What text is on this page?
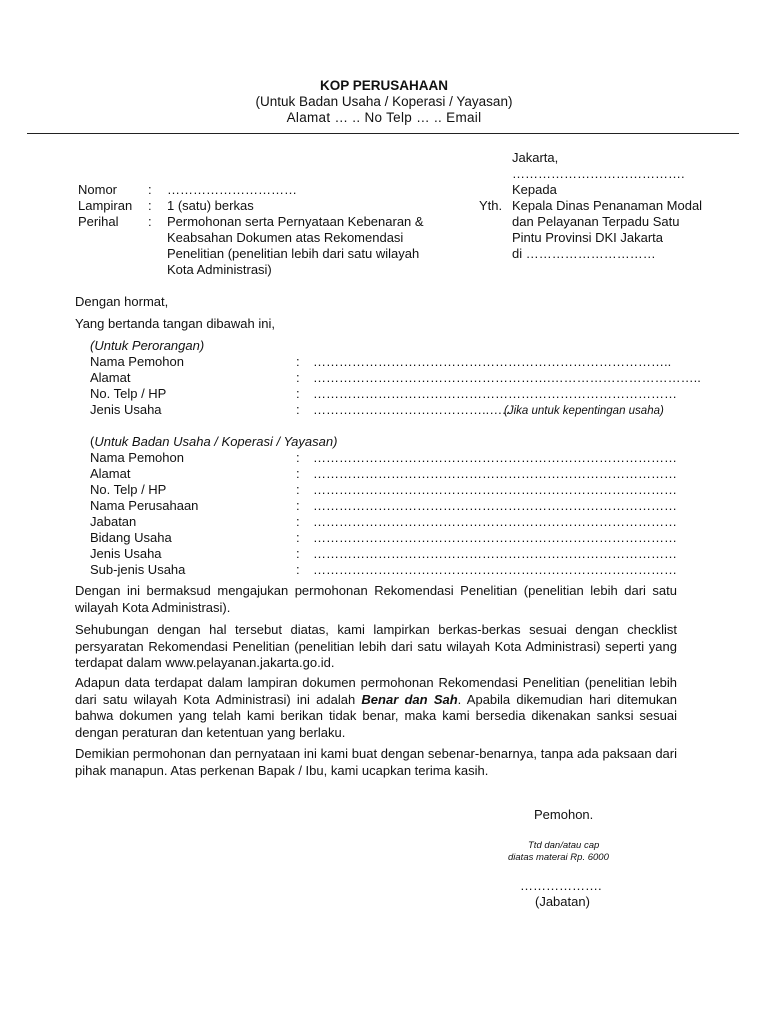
KOP PERUSAHAAN
(Untuk Badan Usaha / Koperasi / Yayasan)
Alamat … .. No Telp … .. Email
Jakarta,
………………………………….
Kepada
Yth. Kepala Dinas Penanaman Modal
dan Pelayanan Terpadu Satu
Pintu Provinsi DKI Jakarta
di …………………………
Nomor : …………………………
Lampiran : 1 (satu) berkas
Perihal : Permohonan serta Pernyataan Kebenaran &
Keabsahan Dokumen atas Rekomendasi
Penelitian (penelitian lebih dari satu wilayah
Kota Administrasi)
Dengan hormat,
Yang bertanda tangan dibawah ini,
(Untuk Perorangan)
Nama Pemohon	: ………………………………………………………………………..
Alamat	: ……………………………………………….……………………………..
No. Telp / HP	: …………………………………………………………………………
Jenis Usaha	: …………………………………..…..
(Jika untuk kepentingan usaha)
(Untuk Badan Usaha / Koperasi / Yayasan)
Nama Pemohon	: …………………………………………………………………………
Alamat	: …………………………………………………………………………
No. Telp / HP	: …………………………………………………………………………
Nama Perusahaan	: …………………………………………………………………………
Jabatan	: …………………………………………………………………………
Bidang Usaha	: …………………………………………………………………………
Jenis Usaha	: …………………………………………………………………………
Sub-jenis Usaha	: …………………………………………………………………………

Dengan ini bermaksud mengajukan permohonan Rekomendasi Penelitian (penelitian lebih dari satu wilayah Kota Administrasi).

Sehubungan dengan hal tersebut diatas, kami lampirkan berkas-berkas sesuai dengan checklist persyaratan Rekomendasi Penelitian (penelitian lebih dari satu wilayah Kota Administrasi) seperti yang terdapat dalam www.pelayanan.jakarta.go.id.

Adapun data terdapat dalam lampiran dokumen permohonan Rekomendasi Penelitian (penelitian lebih dari satu wilayah Kota Administrasi) ini adalah Benar dan Sah. Apabila dikemudian hari ditemukan bahwa dokumen yang telah kami berikan tidak benar, maka kami bersedia dikenakan sanksi sesuai dengan peraturan dan ketentuan yang berlaku.

Demikian permohonan dan pernyataan ini kami buat dengan sebenar-benarnya, tanpa ada paksaan dari pihak manapun. Atas perkenan Bapak / Ibu, kami ucapkan terima kasih.

Pemohon.
Ttd dan/atau cap
diatas materai Rp. 6000
……………….
(Jabatan)
